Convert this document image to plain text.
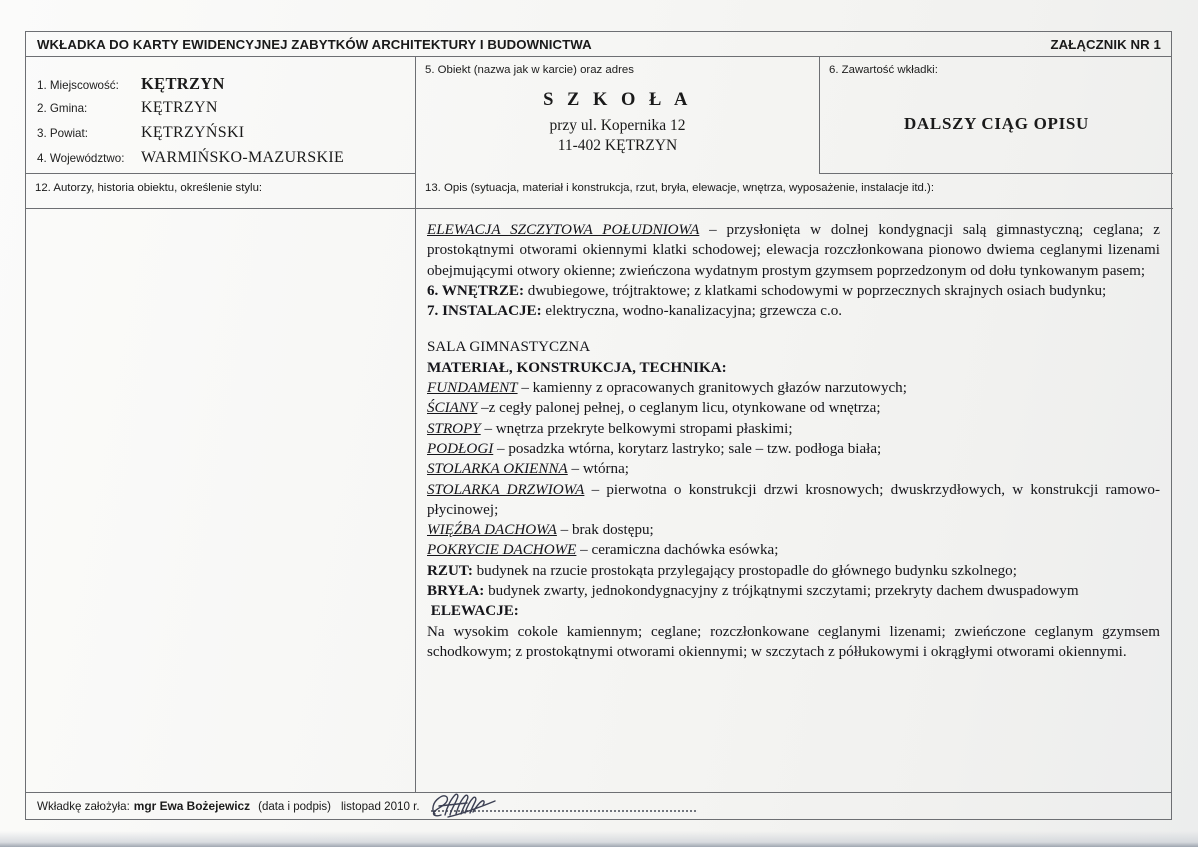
WKŁADKA DO KARTY EWIDENCYJNEJ ZABYTKÓW ARCHITEKTURY I BUDOWNICTWA	ZAŁĄCZNIK NR 1
1. Miejscowość:	KĘTRZYN
2. Gmina:	KĘTRZYN
3. Powiat:	KĘTRZYŃSKI
4. Województwo:	WARMIŃSKO-MAZURSKIE
5. Obiekt (nazwa jak w karcie) oraz adres
S Z K O Ł A
przy ul. Kopernika 12
11-402 KĘTRZYN
6. Zawartość wkładki:
DALSZY CIĄG OPISU
12. Autorzy, historia obiektu, określenie stylu:	13. Opis (sytuacja, materiał i konstrukcja, rzut, bryła, elewacje, wnętrza, wyposażenie, instalacje itd.):
ELEWACJA SZCZYTOWA POŁUDNIOWA – przysłonięta w dolnej kondygnacji salą gimnastyczną; ceglana; z prostokątnymi otworami okiennymi klatki schodowej; elewacja rozczłonkowana pionowo dwiema ceglanymi lizenami obejmującymi otwory okienne; zwieńczona wydatnym prostym gzymsem poprzedzonym od dołu tynkowanym pasem;
6. WNĘTRZE: dwubiegowe, trójtraktowe; z klatkami schodowymi w poprzecznych skrajnych osiach budynku;
7. INSTALACJE: elektryczna, wodno-kanalizacyjna; grzewcza c.o.
SALA GIMNASTYCZNA
MATERIAŁ, KONSTRUKCJA, TECHNIKA:
FUNDAMENT – kamienny z opracowanych granitowych głazów narzutowych;
ŚCIANY –z cegły palonej pełnej, o ceglanym licu, otynkowane od wnętrza;
STROPY – wnętrza przekryte belkowymi stropami płaskimi;
PODŁOGI – posadzka wtórna, korytarz lastryko; sale – tzw. podłoga biała;
STOLARKA OKIENNA – wtórna;
STOLARKA DRZWIOWA – pierwotna o konstrukcji drzwi krosnowych; dwuskrzydłowych, w konstrukcji ramowo-płycinowej;
WIĘŹBA DACHOWA – brak dostępu;
POKRYCIE DACHOWE – ceramiczna dachówka esówka;
RZUT: budynek na rzucie prostokąta przylegający prostopadle do głównego budynku szkolnego;
BRYŁA: budynek zwarty, jednokondygnacyjny z trójkątnymi szczytami; przekryty dachem dwuspadowym
ELEWACJE:
Na wysokim cokole kamiennym; ceglane; rozczłonkowane ceglanymi lizenami; zwieńczone ceglanym gzymsem schodkowym; z prostokątnymi otworami okiennymi; w szczytach z półłukowymi i okrągłymi otworami okiennymi.
Wkładkę założyła: mgr Ewa Bożejewicz (data i podpis) listopad 2010 r.
